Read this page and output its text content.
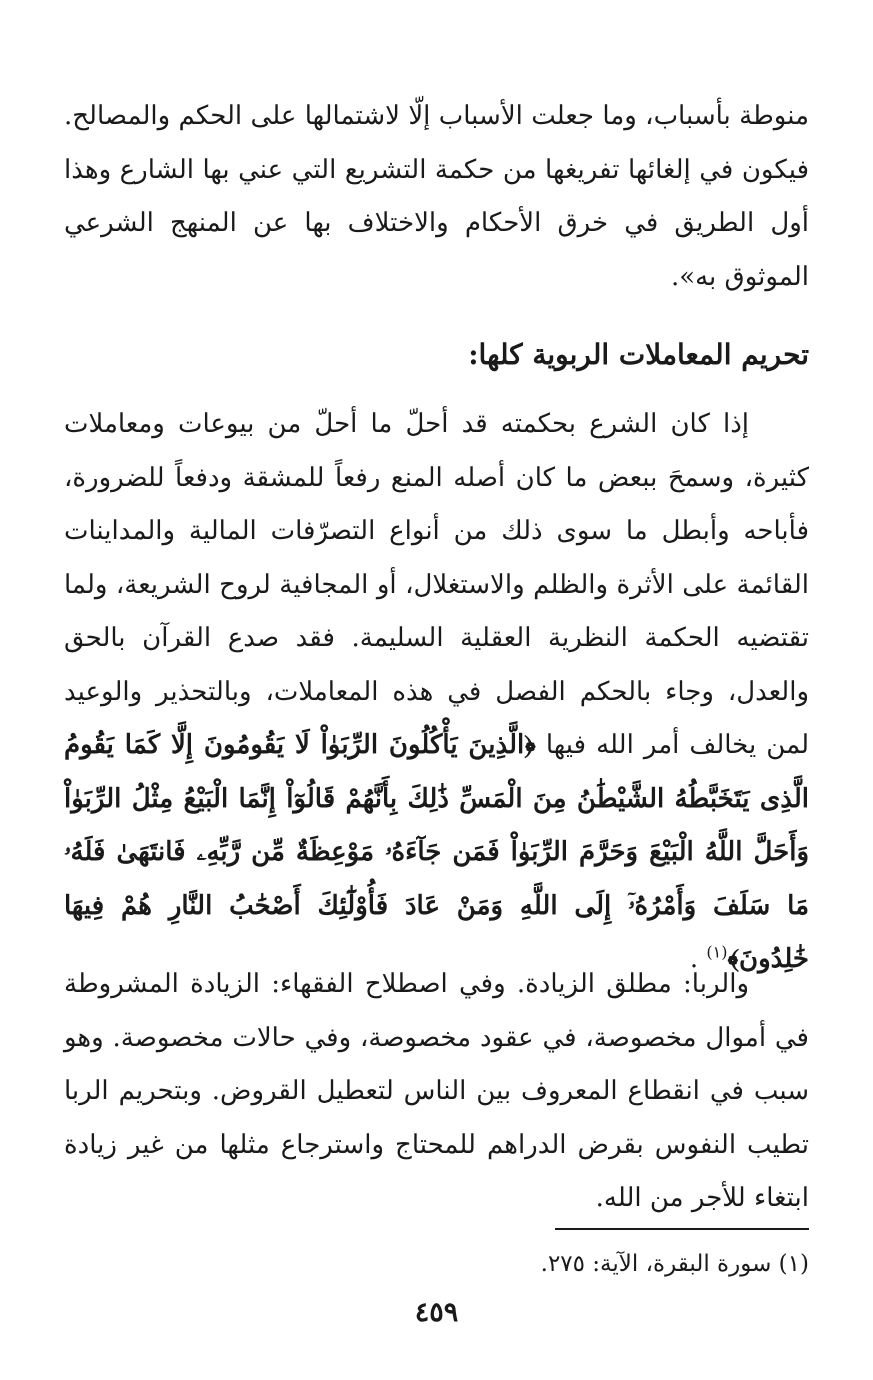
منوطة بأسباب، وما جعلت الأسباب إلّا لاشتمالها على الحكم والمصالح. فيكون في إلغائها تفريغها من حكمة التشريع التي عني بها الشارع وهذا أول الطريق في خرق الأحكام والاختلاف بها عن المنهج الشرعي الموثوق به».

تحريم المعاملات الربوية كلها:

إذا كان الشرع بحكمته قد أحلّ ما أحلّ من بيوعات ومعاملات كثيرة، وسمحَ ببعض ما كان أصله المنع رفعاً للمشقة ودفعاً للضرورة، فأباحه وأبطل ما سوى ذلك من أنواع التصرّفات المالية والمداينات القائمة على الأثرة والظلم والاستغلال، أو المجافية لروح الشريعة، ولما تقتضيه الحكمة النظرية العقلية السليمة. فقد صدع القرآن بالحق والعدل، وجاء بالحكم الفصل في هذه المعاملات، وبالتحذير والوعيد لمن يخالف أمر الله فيها ﴿الَّذِينَ يَأْكُلُونَ الرِّبَوٰاْ لَا يَقُومُونَ إِلَّا كَمَا يَقُومُ الَّذِى يَتَخَبَّطُهُ الشَّيْطَٰنُ مِنَ الْمَسِّ ذَٰلِكَ بِأَنَّهُمْ قَالُوٓاْ إِنَّمَا الْبَيْعُ مِثْلُ الرِّبَوٰاْ وَأَحَلَّ اللَّهُ الْبَيْعَ وَحَرَّمَ الرِّبَوٰاْ فَمَن جَآءَهُۥ مَوْعِظَةٌ مِّن رَّبِّهِۦ فَانتَهَىٰ فَلَهُۥ مَا سَلَفَ وَأَمْرُهُۥٓ إِلَى اللَّهِ وَمَنْ عَادَ فَأُوْلَٰٓئِكَ أَصْحَٰبُ النَّارِ هُمْ فِيهَا خَٰلِدُونَ﴾$^{(١)}$ .

والربا: مطلق الزيادة. وفي اصطلاح الفقهاء: الزيادة المشروطة في أموال مخصوصة، في عقود مخصوصة، وفي حالات مخصوصة. وهو سبب في انقطاع المعروف بين الناس لتعطيل القروض. وبتحريم الربا تطيب النفوس بقرض الدراهم للمحتاج واسترجاع مثلها من غير زيادة ابتغاء للأجر من الله.

(١) سورة البقرة، الآية: ٢٧٥.

٤٥٩
